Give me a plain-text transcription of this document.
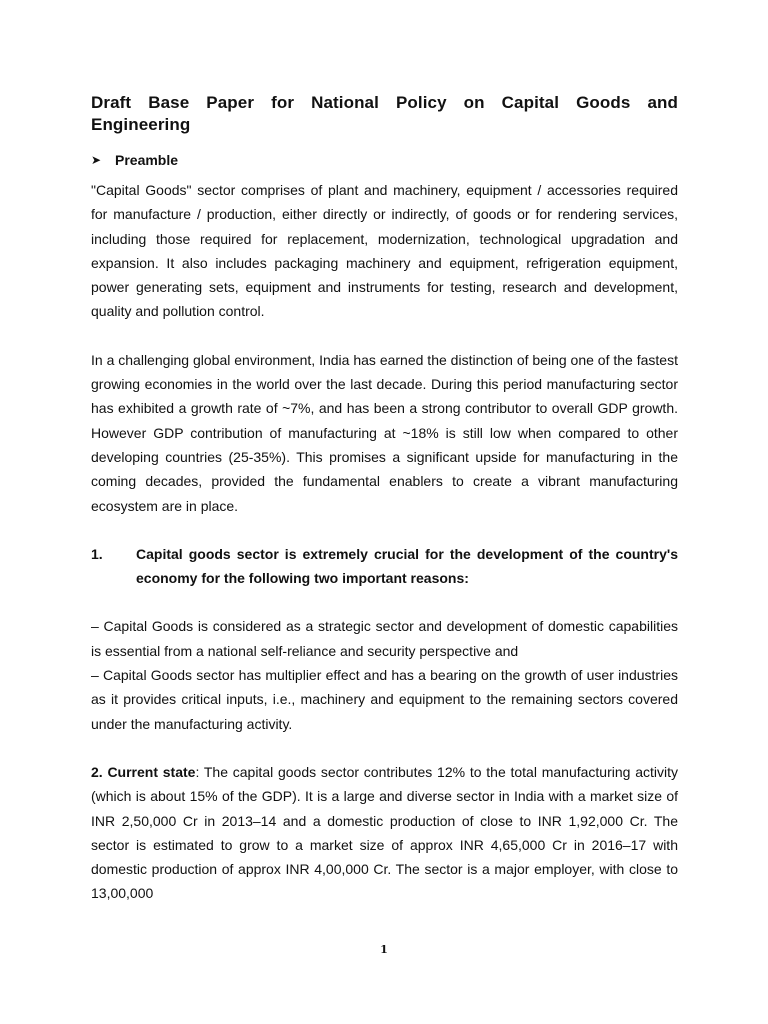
Draft Base Paper for National Policy on Capital Goods and
Engineering
➤ Preamble

"Capital Goods" sector comprises of plant and machinery, equipment / accessories required for manufacture / production, either directly or indirectly, of goods or for rendering services, including those required for replacement, modernization, technological upgradation and expansion. It also includes packaging machinery and equipment, refrigeration equipment, power generating sets, equipment and instruments for testing, research and development, quality and pollution control.

In a challenging global environment, India has earned the distinction of being one of the fastest growing economies in the world over the last decade. During this period manufacturing sector has exhibited a growth rate of ~7%, and has been a strong contributor to overall GDP growth. However GDP contribution of manufacturing at ~18% is still low when compared to other developing countries (25-35%). This promises a significant upside for manufacturing in the coming decades, provided the fundamental enablers to create a vibrant manufacturing ecosystem are in place.

1.	Capital goods sector is extremely crucial for the development of the country's economy for the following two important reasons:

– Capital Goods is considered as a strategic sector and development of domestic capabilities is essential from a national self-reliance and security perspective and

– Capital Goods sector has multiplier effect and has a bearing on the growth of user industries as it provides critical inputs, i.e., machinery and equipment to the remaining sectors covered under the manufacturing activity.

2. Current state: The capital goods sector contributes 12% to the total manufacturing activity (which is about 15% of the GDP). It is a large and diverse sector in India with a market size of INR 2,50,000 Cr in 2013–14 and a domestic production of close to INR 1,92,000 Cr. The sector is estimated to grow to a market size of approx INR 4,65,000 Cr in 2016–17 with domestic production of approx INR 4,00,000 Cr. The sector is a major employer, with close to 13,00,000

1
